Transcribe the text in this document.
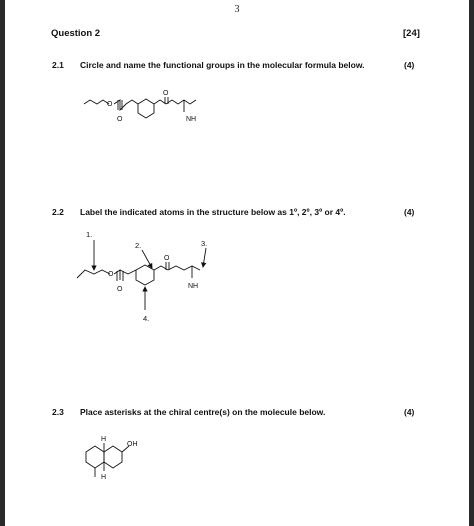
3
Question 2	[24]
2.1 Circle and name the functional groups in the molecular formula below.	(4)
2.2 Label the indicated atoms in the structure below as 1º, 2º, 3º or 4º.	(4)
2.3 Place asterisks at the chiral centre(s) on the molecule below.	(4)
O
O
O
NH
1.
2.	3.
4.
O
O
O
NH
H
OH
H
